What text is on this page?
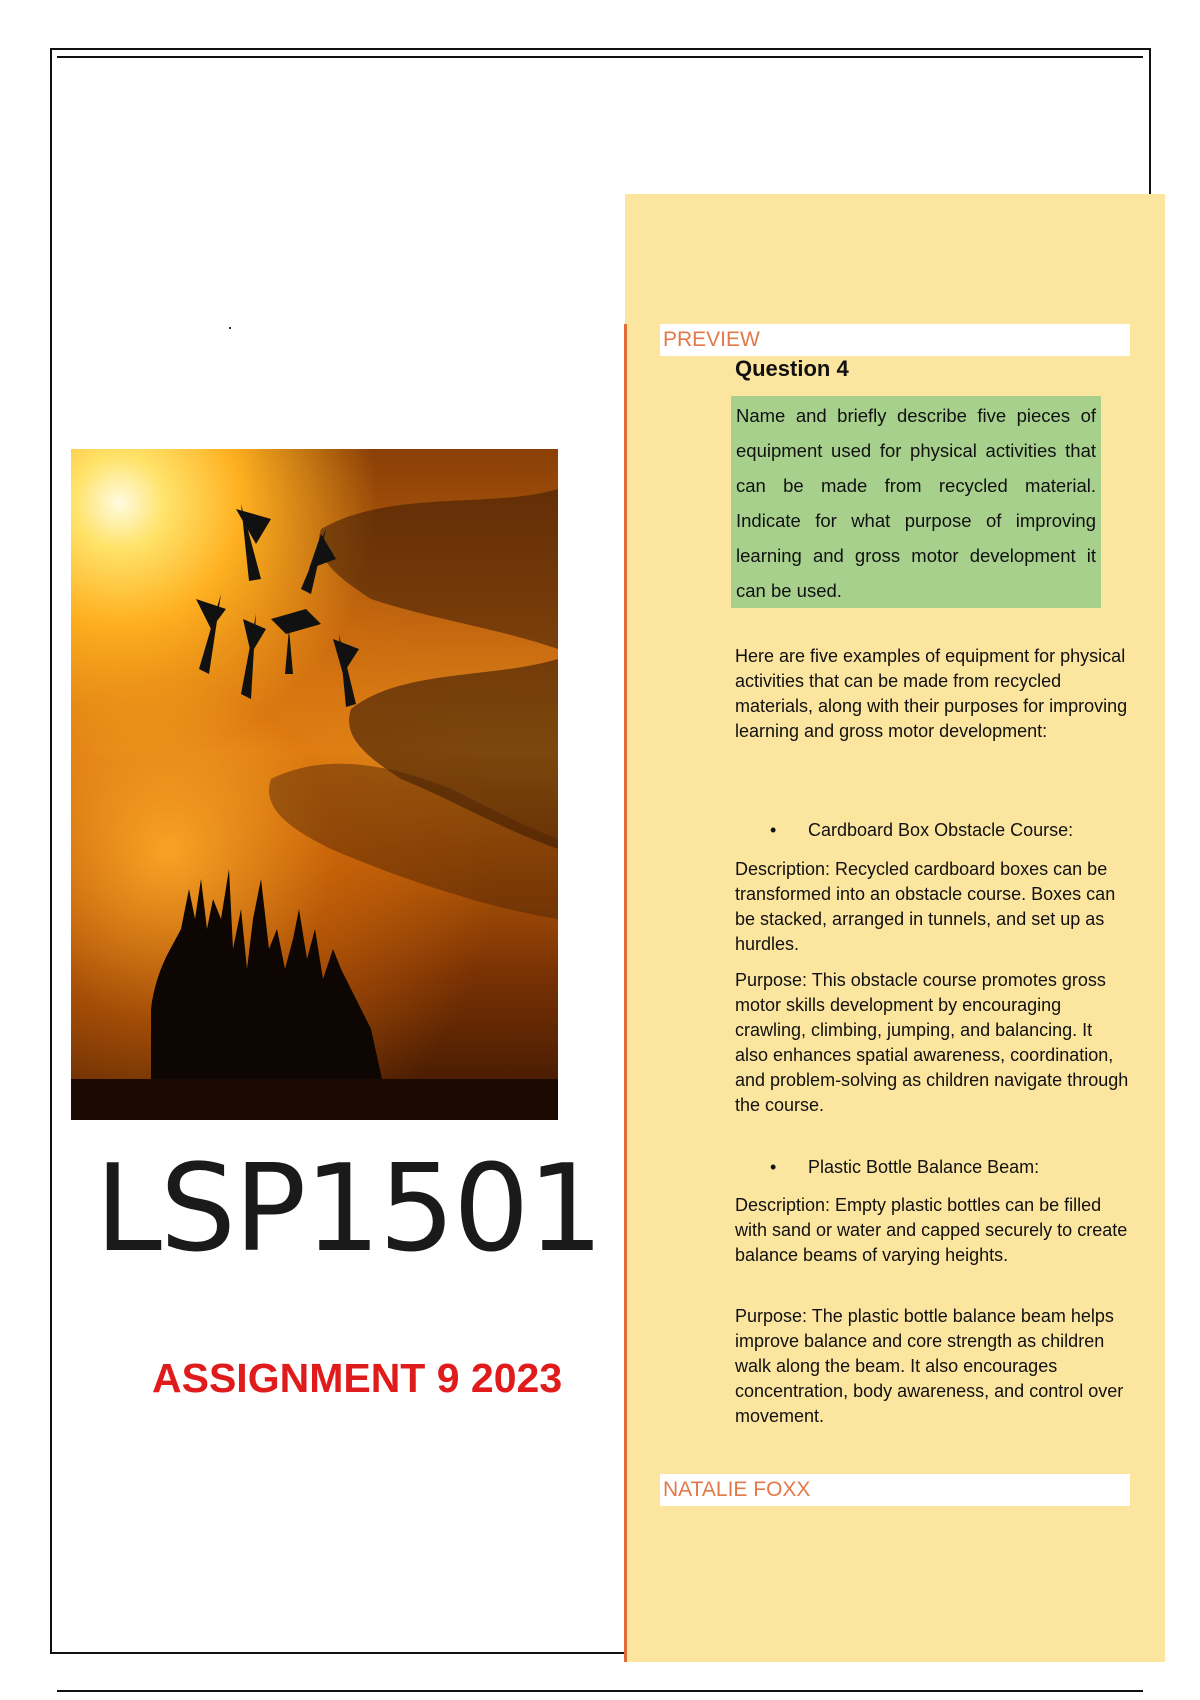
LSP1501
ASSIGNMENT 9 2023
PREVIEW
Question 4
Name and briefly describe five pieces of equipment used for physical activities that can be made from recycled material. Indicate for what purpose of improving learning and gross motor development it can be used.
Here are five examples of equipment for physical activities that can be made from recycled materials, along with their purposes for improving learning and gross motor development:
• Cardboard Box Obstacle Course:
Description: Recycled cardboard boxes can be transformed into an obstacle course. Boxes can be stacked, arranged in tunnels, and set up as hurdles.
Purpose: This obstacle course promotes gross motor skills development by encouraging crawling, climbing, jumping, and balancing. It also enhances spatial awareness, coordination, and problem-solving as children navigate through the course.
• Plastic Bottle Balance Beam:
Description: Empty plastic bottles can be filled with sand or water and capped securely to create balance beams of varying heights.
Purpose: The plastic bottle balance beam helps improve balance and core strength as children walk along the beam. It also encourages concentration, body awareness, and control over movement.
NATALIE FOXX
